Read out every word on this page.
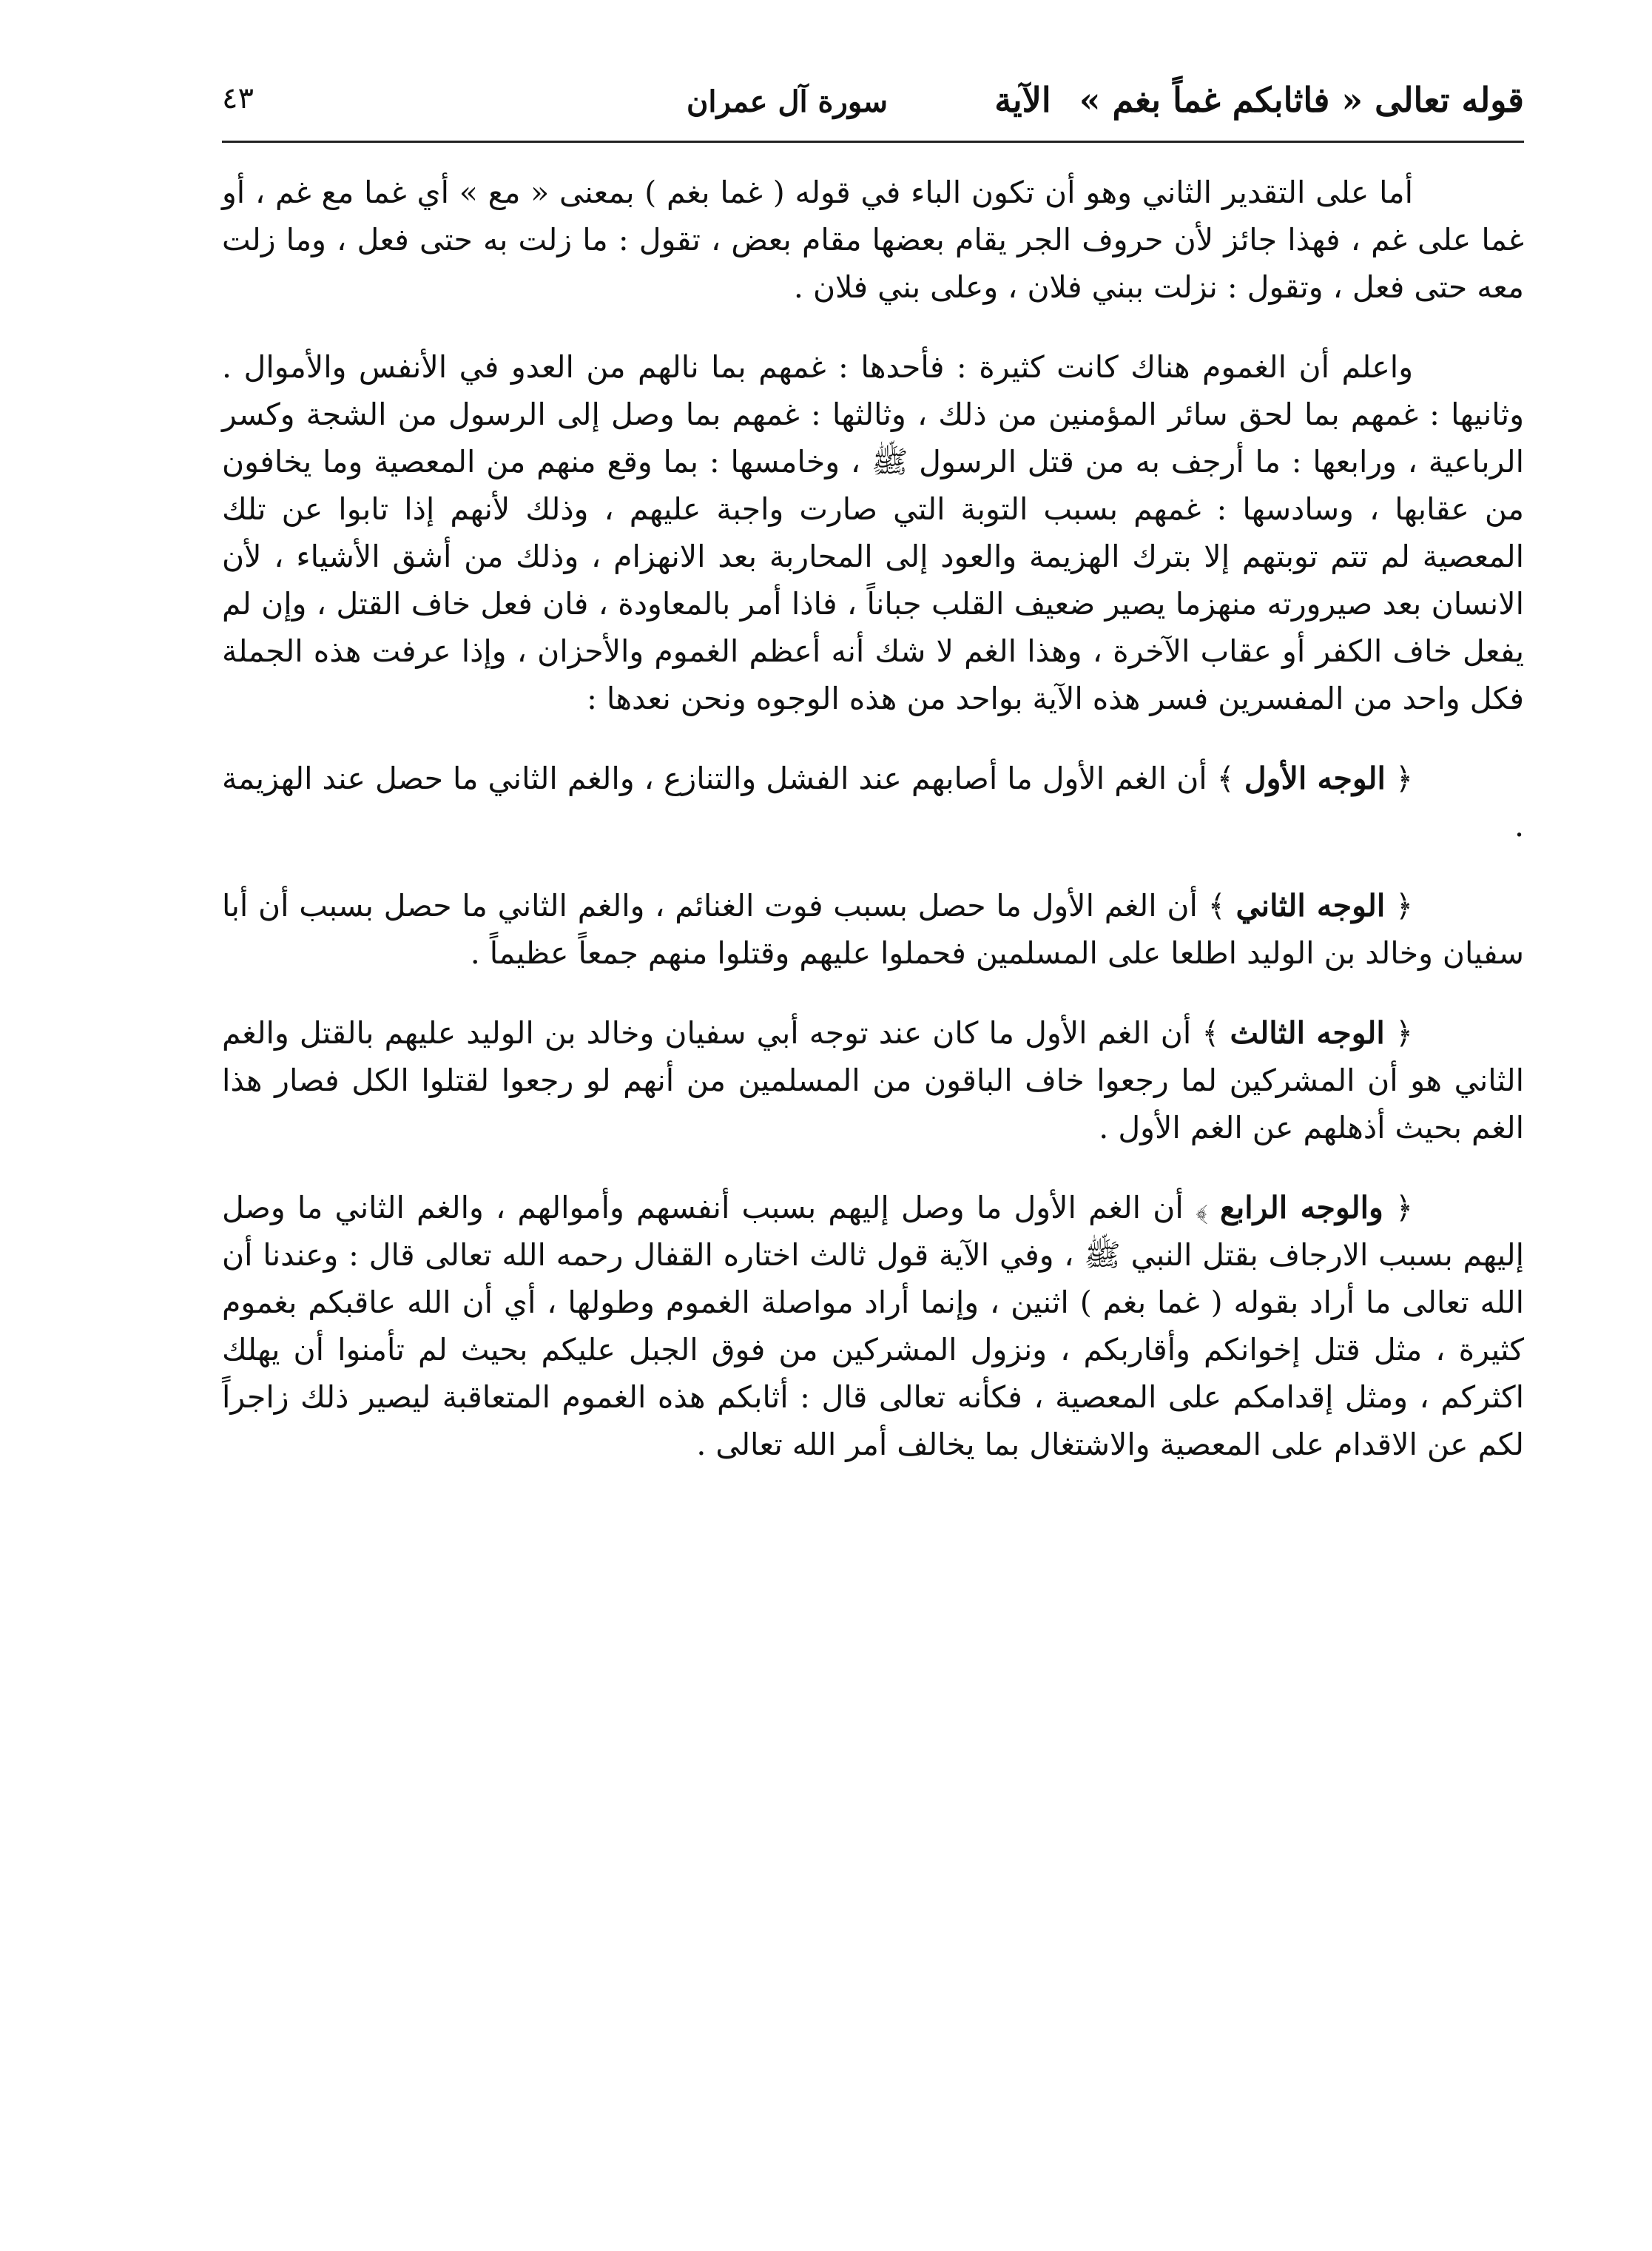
قوله تعالى « فاثابكم غماً بغم » الآية
سورة آل عمران
٤٣

أما على التقدير الثاني وهو أن تكون الباء في قوله ( غما بغم ) بمعنى « مع » أي غما مع غم ، أو غما على غم ، فهذا جائز لأن حروف الجر يقام بعضها مقام بعض ، تقول : ما زلت به حتى فعل ، وما زلت معه حتى فعل ، وتقول : نزلت ببني فلان ، وعلى بني فلان .

واعلم أن الغموم هناك كانت كثيرة : فأحدها : غمهم بما نالهم من العدو في الأنفس والأموال . وثانيها : غمهم بما لحق سائر المؤمنين من ذلك ، وثالثها : غمهم بما وصل إلى الرسول من الشجة وكسر الرباعية ، ورابعها : ما أرجف به من قتل الرسول ﷺ ، وخامسها : بما وقع منهم من المعصية وما يخافون من عقابها ، وسادسها : غمهم بسبب التوبة التي صارت واجبة عليهم ، وذلك لأنهم إذا تابوا عن تلك المعصية لم تتم توبتهم إلا بترك الهزيمة والعود إلى المحاربة بعد الانهزام ، وذلك من أشق الأشياء ، لأن الانسان بعد صيرورته منهزما يصير ضعيف القلب جباناً ، فاذا أمر بالمعاودة ، فان فعل خاف القتل ، وإن لم يفعل خاف الكفر أو عقاب الآخرة ، وهذا الغم لا شك أنه أعظم الغموم والأحزان ، وإذا عرفت هذه الجملة فكل واحد من المفسرين فسر هذه الآية بواحد من هذه الوجوه ونحن نعدها :

﴿ الوجه الأول ﴾ أن الغم الأول ما أصابهم عند الفشل والتنازع ، والغم الثاني ما حصل عند الهزيمة .

﴿ الوجه الثاني ﴾ أن الغم الأول ما حصل بسبب فوت الغنائم ، والغم الثاني ما حصل بسبب أن أبا سفيان وخالد بن الوليد اطلعا على المسلمين فحملوا عليهم وقتلوا منهم جمعاً عظيماً .

﴿ الوجه الثالث ﴾ أن الغم الأول ما كان عند توجه أبي سفيان وخالد بن الوليد عليهم بالقتل والغم الثاني هو أن المشركين لما رجعوا خاف الباقون من المسلمين من أنهم لو رجعوا لقتلوا الكل فصار هذا الغم بحيث أذهلهم عن الغم الأول .

﴿ والوجه الرابع ﴾ أن الغم الأول ما وصل إليهم بسبب أنفسهم وأموالهم ، والغم الثاني ما وصل إليهم بسبب الارجاف بقتل النبي ﷺ ، وفي الآية قول ثالث اختاره القفال رحمه الله تعالى قال : وعندنا أن الله تعالى ما أراد بقوله ( غما بغم ) اثنين ، وإنما أراد مواصلة الغموم وطولها ، أي أن الله عاقبكم بغموم كثيرة ، مثل قتل إخوانكم وأقاربكم ، ونزول المشركين من فوق الجبل عليكم بحيث لم تأمنوا أن يهلك اكثركم ، ومثل إقدامكم على المعصية ، فكأنه تعالى قال : أثابكم هذه الغموم المتعاقبة ليصير ذلك زاجراً لكم عن الاقدام على المعصية والاشتغال بما يخالف أمر الله تعالى .
